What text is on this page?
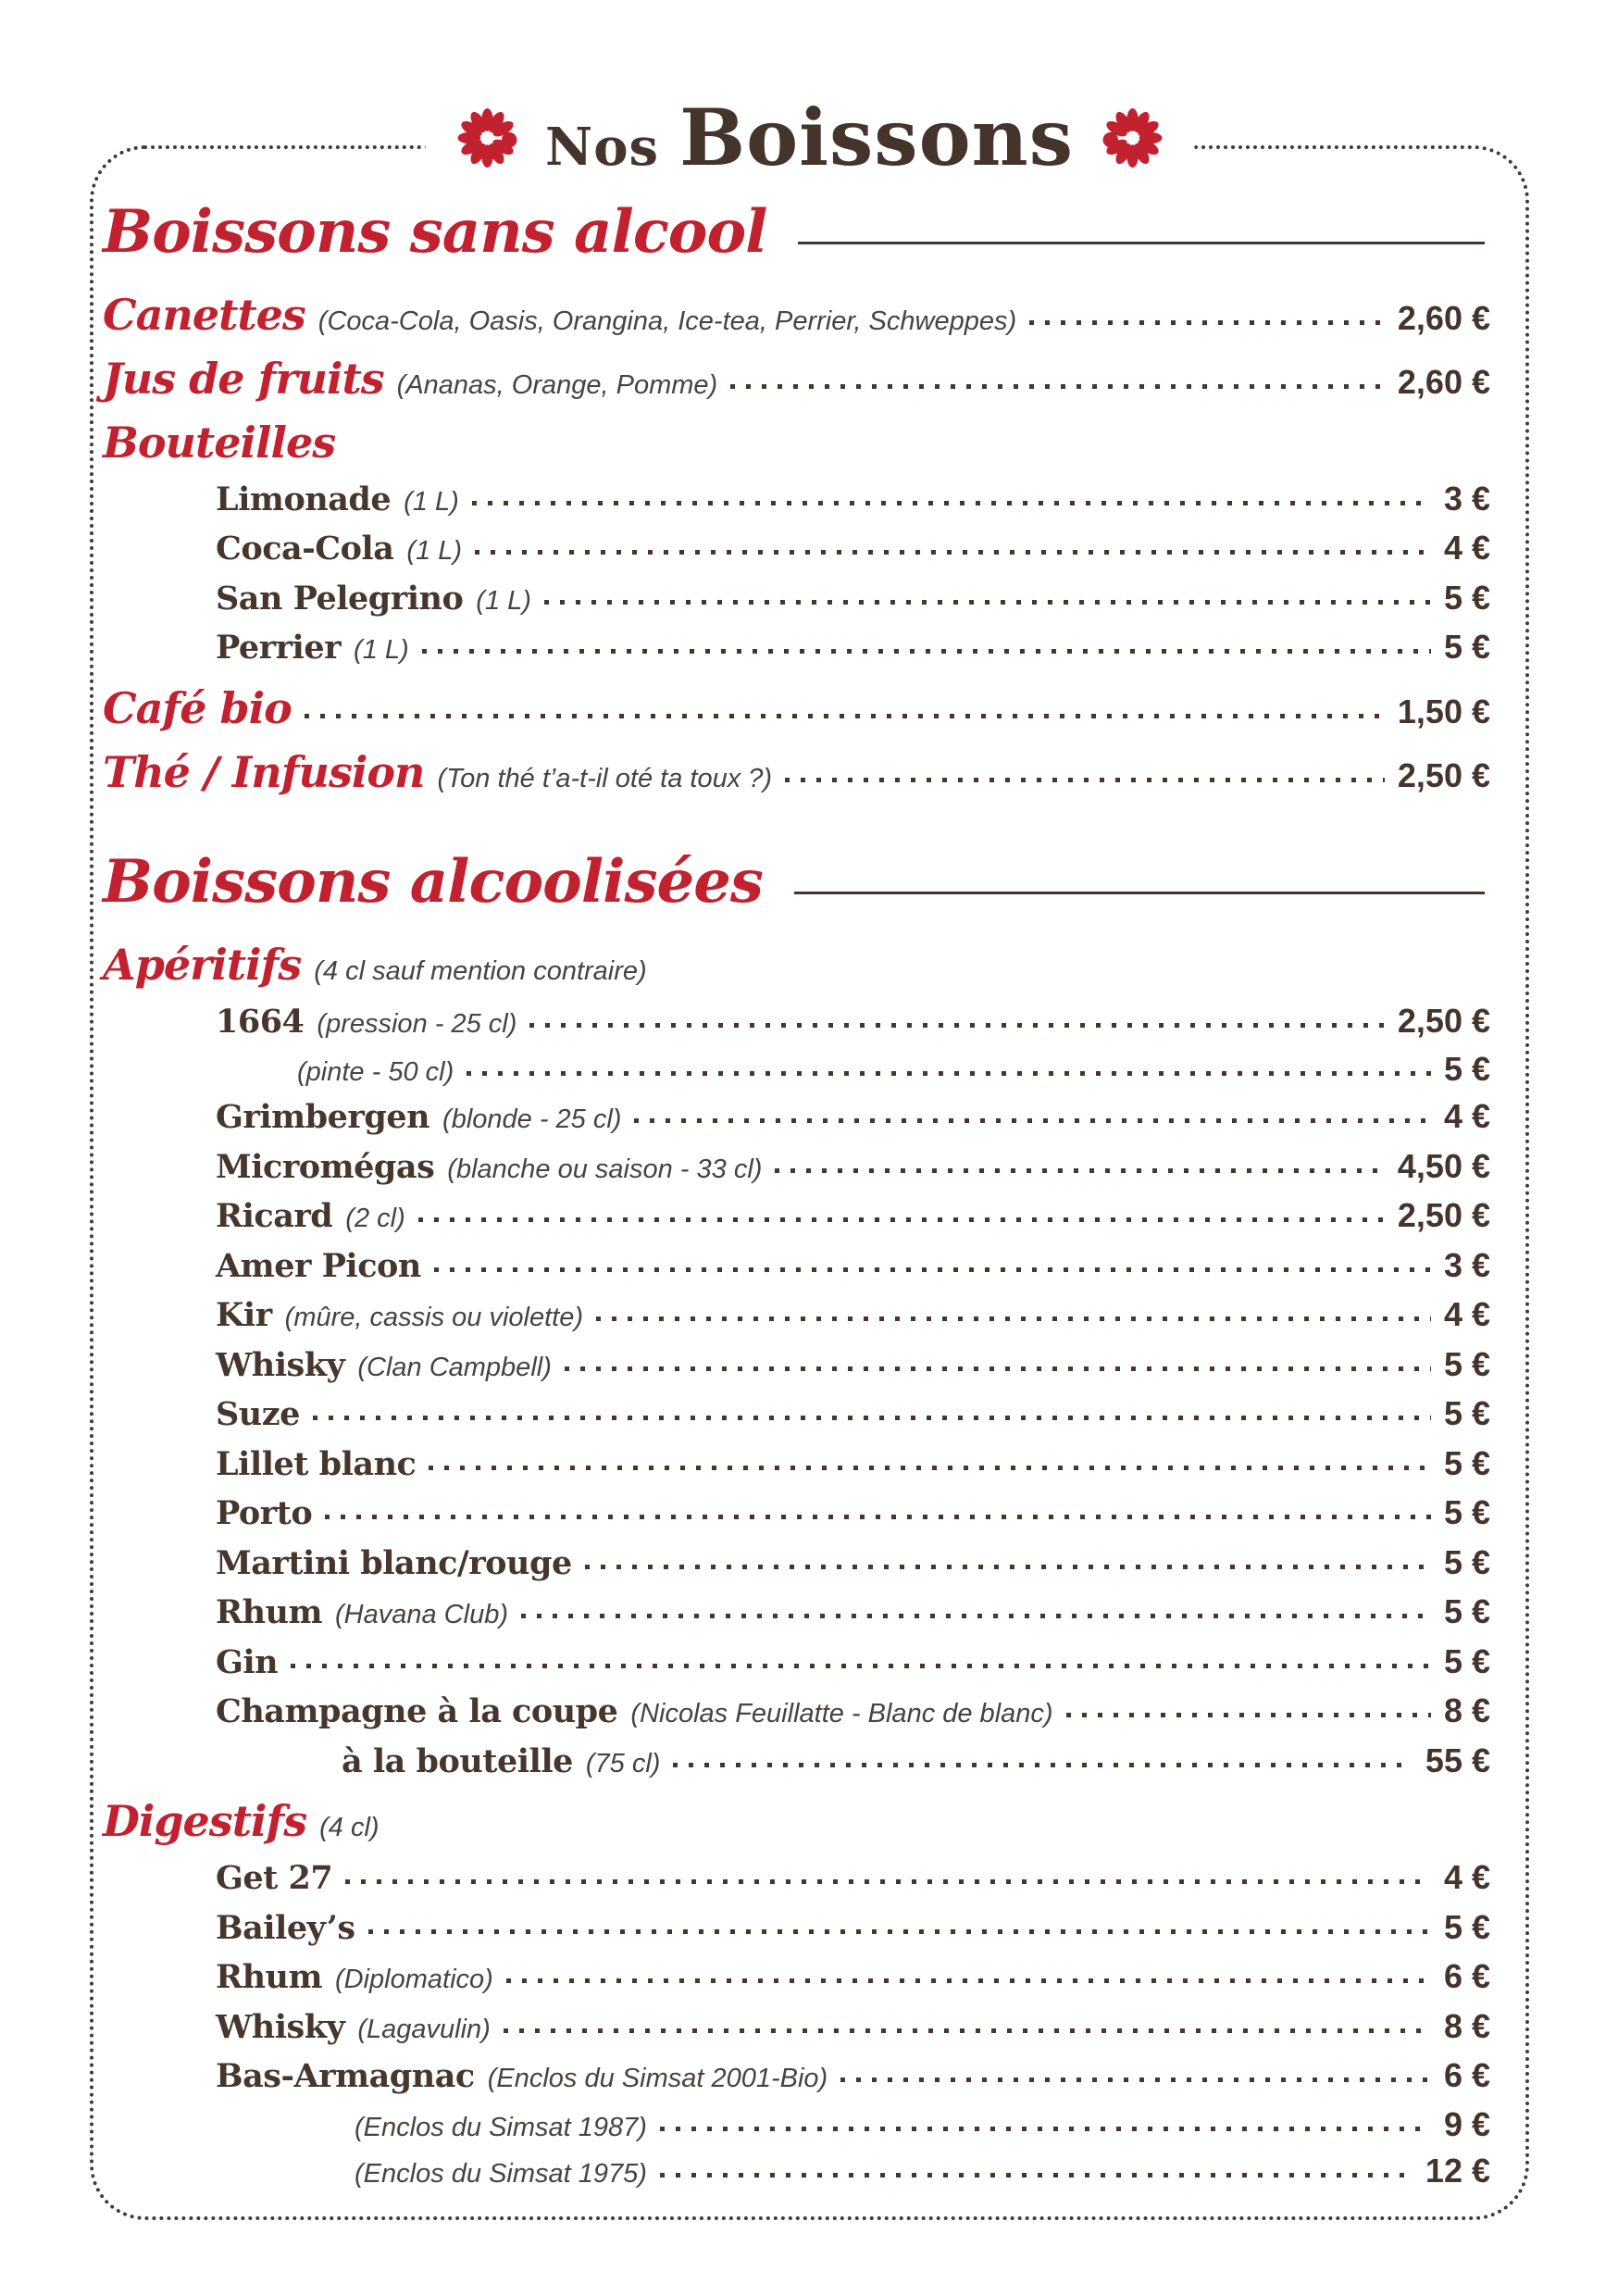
Nos Boissons
Boissons sans alcool
Canettes (Coca-Cola, Oasis, Orangina, Ice-tea, Perrier, Schweppes)	2,60 €
Jus de fruits (Ananas, Orange, Pomme)	2,60 €
Bouteilles
Limonade (1 L)	3 €
Coca-Cola (1 L)	4 €
San Pelegrino (1 L)	5 €
Perrier (1 L)	5 €
Café bio	1,50 €
Thé / Infusion (Ton thé t’a-t-il oté ta toux ?)	2,50 €
Boissons alcoolisées
Apéritifs (4 cl sauf mention contraire)
1664 (pression - 25 cl)	2,50 €
(pinte - 50 cl)	5 €
Grimbergen (blonde - 25 cl)	4 €
Micromégas (blanche ou saison - 33 cl)	4,50 €
Ricard (2 cl)	2,50 €
Amer Picon	3 €
Kir (mûre, cassis ou violette)	4 €
Whisky (Clan Campbell)	5 €
Suze	5 €
Lillet blanc	5 €
Porto	5 €
Martini blanc/rouge	5 €
Rhum (Havana Club)	5 €
Gin	5 €
Champagne à la coupe (Nicolas Feuillatte - Blanc de blanc)	8 €
à la bouteille (75 cl)	55 €
Digestifs (4 cl)
Get 27	4 €
Bailey’s	5 €
Rhum (Diplomatico)	6 €
Whisky (Lagavulin)	8 €
Bas-Armagnac (Enclos du Simsat 2001-Bio)	6 €
(Enclos du Simsat 1987)	9 €
(Enclos du Simsat 1975)	12 €
